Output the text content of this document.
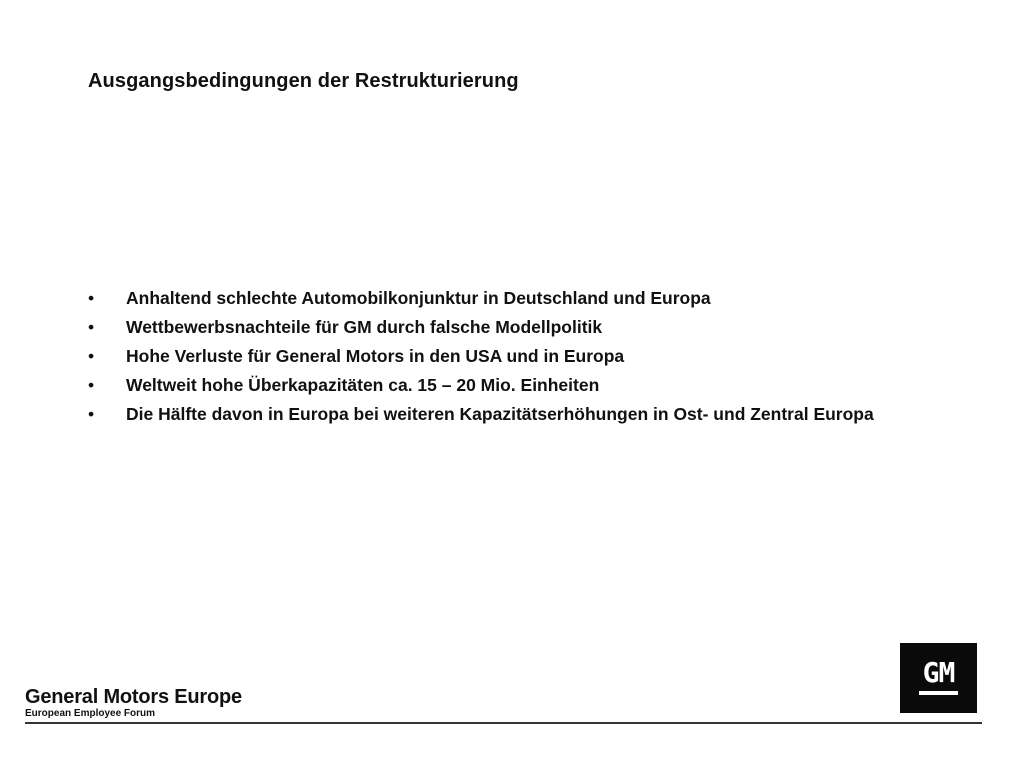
Ausgangsbedingungen der Restrukturierung
• Anhaltend schlechte Automobilkonjunktur in Deutschland und Europa
• Wettbewerbsnachteile für GM durch falsche Modellpolitik
• Hohe Verluste für General Motors in den USA und in Europa
• Weltweit hohe Überkapazitäten ca. 15 – 20 Mio. Einheiten
• Die Hälfte davon in Europa bei weiteren Kapazitätserhöhungen in Ost- und Zentral Europa
General Motors Europe
European Employee Forum
GM
